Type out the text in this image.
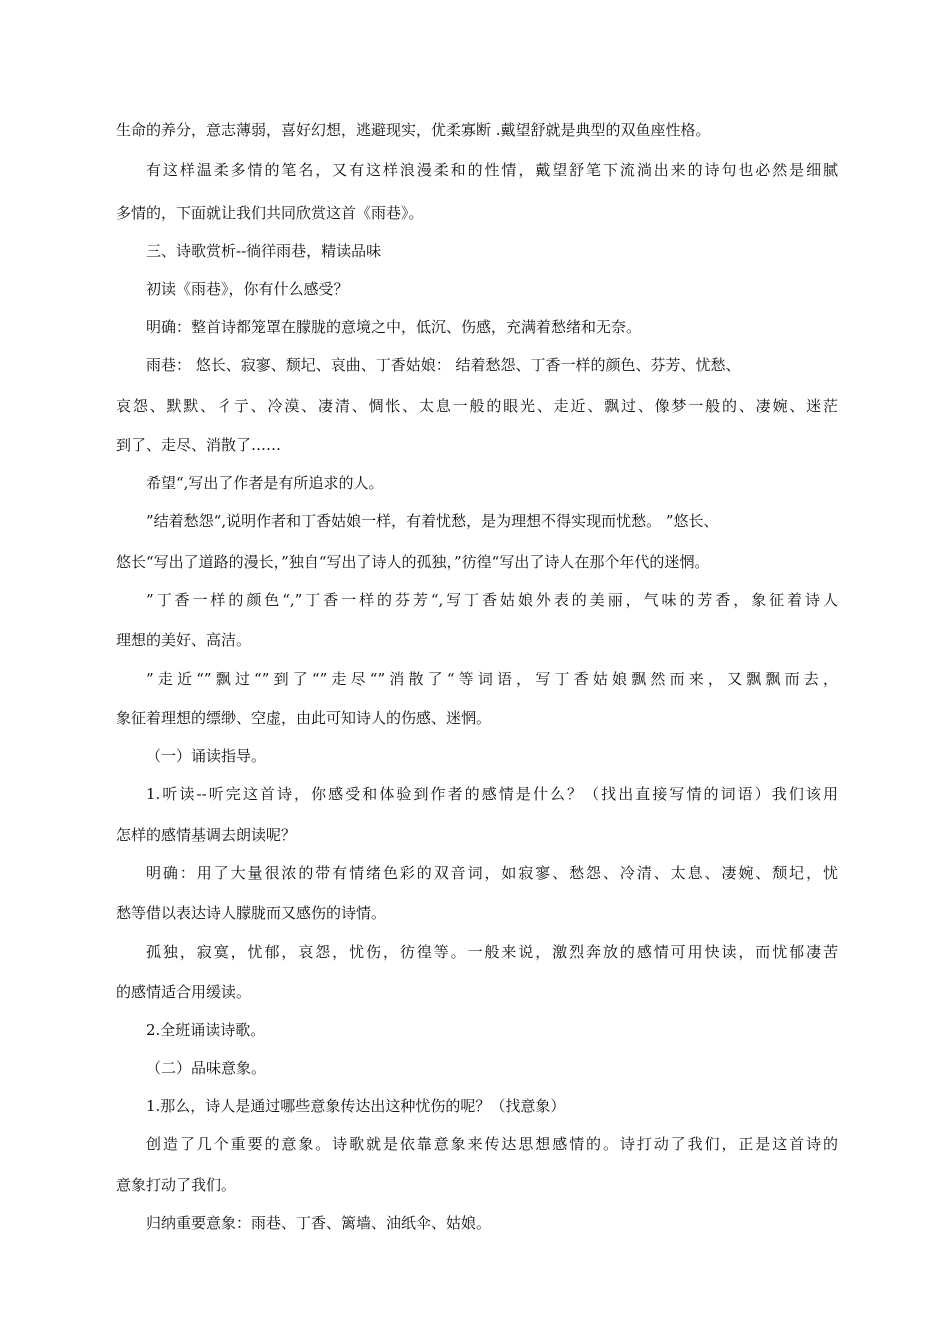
生命的养分，意志薄弱，喜好幻想，逃避现实，优柔寡断 .戴望舒就是典型的双鱼座性格。
有这样温柔多情的笔名，又有这样浪漫柔和的性情，戴望舒笔下流淌出来的诗句也必然是细腻
多情的，下面就让我们共同欣赏这首《雨巷》。
三、诗歌赏析--徜徉雨巷，精读品味
初读《雨巷》，你有什么感受？
明确：整首诗都笼罩在朦胧的意境之中，低沉、伤感，充满着愁绪和无奈。
雨巷： 悠长、寂寥、颓圮、哀曲、丁香姑娘： 结着愁怨、丁香一样的颜色、芬芳、忧愁、
哀怨、默默、彳亍、冷漠、凄清、惆怅、太息一般的眼光、走近、飘过、像梦一般的、凄婉、迷茫
到了、走尽、消散了……
希望“,写出了作者是有所追求的人。
”结着愁怨“,说明作者和丁香姑娘一样，有着忧愁，是为理想不得实现而忧愁。 ”悠长、
悠长“写出了道路的漫长，”独自“写出了诗人的孤独，”彷徨“写出了诗人在那个年代的迷惘。
”丁香一样的颜色“,”丁香一样的芬芳“,写丁香姑娘外表的美丽，气味的芳香，象征着诗人
理想的美好、高洁。
”走近“”飘过“”到了“”走尽“”消散了“等词语，写丁香姑娘飘然而来，又飘飘而去，
象征着理想的缥缈、空虚，由此可知诗人的伤感、迷惘。
（一）诵读指导。
1.听读--听完这首诗，你感受和体验到作者的感情是什么？（找出直接写情的词语）我们该用
怎样的感情基调去朗读呢？
明确：用了大量很浓的带有情绪色彩的双音词，如寂寥、愁怨、冷清、太息、凄婉、颓圮，忧
愁等借以表达诗人朦胧而又感伤的诗情。
孤独，寂寞，忧郁，哀怨，忧伤，彷徨等。一般来说，激烈奔放的感情可用快读，而忧郁凄苦
的感情适合用缓读。
2.全班诵读诗歌。
（二）品味意象。
1.那么，诗人是通过哪些意象传达出这种忧伤的呢？（找意象）
创造了几个重要的意象。诗歌就是依靠意象来传达思想感情的。诗打动了我们，正是这首诗的
意象打动了我们。
归纳重要意象：雨巷、丁香、篱墙、油纸伞、姑娘。
